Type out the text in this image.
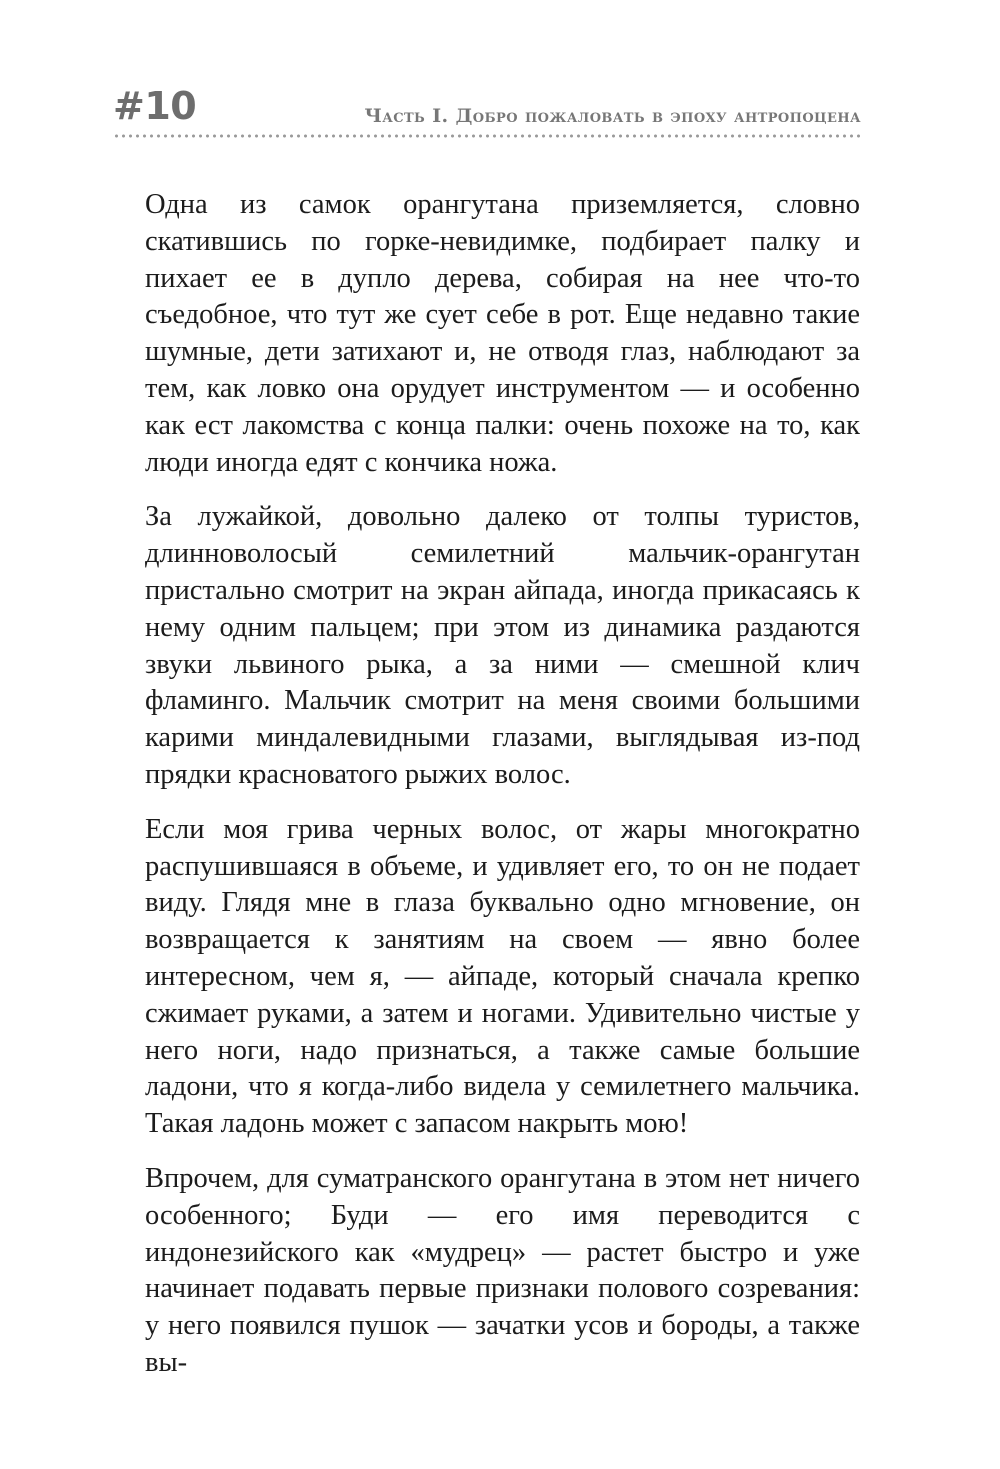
#10	Часть I. Добро пожаловать в эпоху антропоцена

Одна из самок орангутана приземляется, словно скатившись по горке-невидимке, подбирает палку и пихает ее в дупло дерева, собирая на нее что-то съедобное, что тут же сует себе в рот. Еще недавно такие шумные, дети затихают и, не отводя глаз, наблюдают за тем, как ловко она орудует инструментом — и особенно как ест лакомства с конца палки: очень похоже на то, как люди иногда едят с кончика ножа.

За лужайкой, довольно далеко от толпы туристов, длинноволосый семилетний мальчик-орангутан пристально смотрит на экран айпада, иногда прикасаясь к нему одним пальцем; при этом из динамика раздаются звуки львиного рыка, а за ними — смешной клич фламинго. Мальчик смотрит на меня своими большими карими миндалевидными глазами, выглядывая из-под прядки красноватого рыжих волос.

Если моя грива черных волос, от жары многократно распушившаяся в объеме, и удивляет его, то он не подает виду. Глядя мне в глаза буквально одно мгновение, он возвращается к занятиям на своем — явно более интересном, чем я, — айпаде, который сначала крепко сжимает руками, а затем и ногами. Удивительно чистые у него ноги, надо признаться, а также самые большие ладони, что я когда-либо видела у семилетнего мальчика. Такая ладонь может с запасом накрыть мою!

Впрочем, для суматранского орангутана в этом нет ничего особенного; Буди — его имя переводится с индонезийского как «мудрец» — растет быстро и уже начинает подавать первые признаки полового созревания: у него появился пушок — зачатки усов и бороды, а также вы-
